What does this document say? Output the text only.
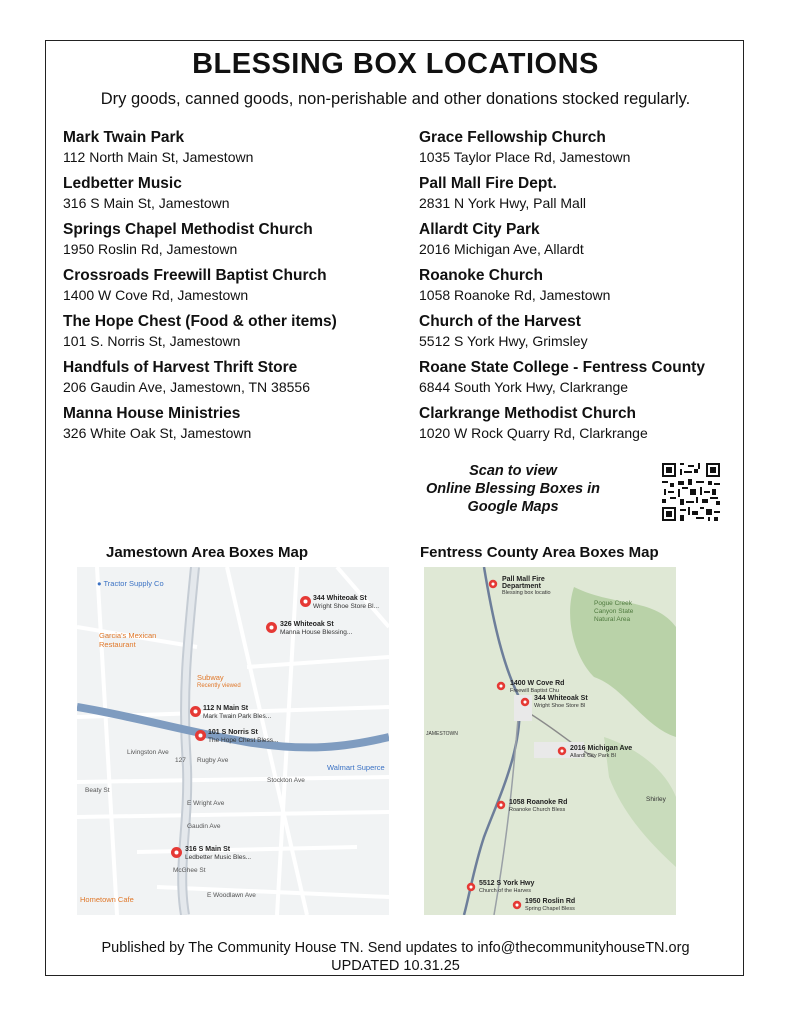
BLESSING BOX LOCATIONS
Dry goods, canned goods, non-perishable and other donations stocked regularly.
Mark Twain Park
112 North Main St, Jamestown
Ledbetter Music
316 S Main St, Jamestown
Springs Chapel Methodist Church
1950 Roslin Rd, Jamestown
Crossroads Freewill Baptist Church
1400 W Cove Rd, Jamestown
The Hope Chest (Food & other items)
101 S. Norris St, Jamestown
Handfuls of Harvest Thrift Store
206 Gaudin Ave, Jamestown, TN 38556
Manna House Ministries
326 White Oak St, Jamestown
Grace Fellowship Church
1035 Taylor Place Rd, Jamestown
Pall Mall Fire Dept.
2831 N York Hwy, Pall Mall
Allardt City Park
2016 Michigan Ave, Allardt
Roanoke Church
1058 Roanoke Rd, Jamestown
Church of the Harvest
5512 S York Hwy, Grimsley
Roane State College - Fentress County
6844 South York Hwy, Clarkrange
Clarkrange Methodist Church
1020 W Rock Quarry Rd, Clarkrange
Scan to view
Online Blessing Boxes in
Google Maps
Jamestown Area Boxes Map	Fentress County Area Boxes Map
● Tractor Supply Co
Garcia's Mexican
Restaurant
Subway
Recently viewed
Walmart Superce
Hometown Cafe
Livingston Ave
Rugby Ave
Stockton Ave
E Wright Ave
Gaudin Ave
E Woodlawn Ave
McGhee St
Beaty St
127
344 Whiteoak St
Wright Shoe Store Bl...
326 Whiteoak St
Manna House Blessing...
112 N Main St
Mark Twain Park Bles...
101 S Norris St
The Hope Chest Bless...
316 S Main St
Ledbetter Music Bles...
Pogue Creek
Canyon State
Natural Area
Shirley
JAMESTOWN
Pall Mall Fire
Department
Blessing box locatio
1400 W Cove Rd
Freewill Baptist Chu
344 Whiteoak St
Wright Shoe Store Bl
2016 Michigan Ave
Allardt City Park Bl
1058 Roanoke Rd
Roanoke Church Bless
5512 S York Hwy
Church of the Harves
1950 Roslin Rd
Spring Chapel Bless
Published by The Community House TN. Send updates to info@thecommunityhouseTN.org
UPDATED 10.31.25
